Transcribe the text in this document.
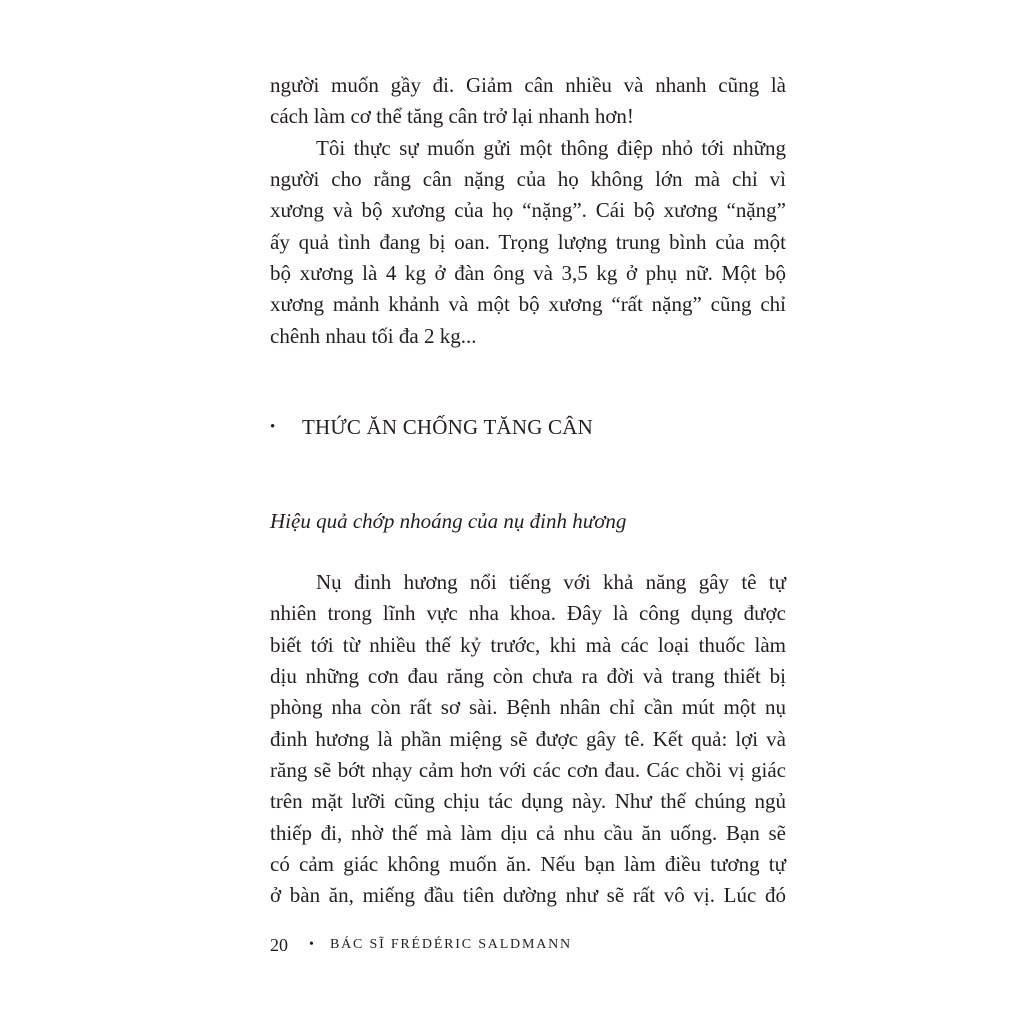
người muốn gầy đi. Giảm cân nhiều và nhanh cũng là
cách làm cơ thể tăng cân trở lại nhanh hơn!
Tôi thực sự muốn gửi một thông điệp nhỏ tới những
người cho rằng cân nặng của họ không lớn mà chỉ vì
xương và bộ xương của họ “nặng”. Cái bộ xương “nặng”
ấy quả tình đang bị oan. Trọng lượng trung bình của một
bộ xương là 4 kg ở đàn ông và 3,5 kg ở phụ nữ. Một bộ
xương mảnh khảnh và một bộ xương “rất nặng” cũng chỉ
chênh nhau tối đa 2 kg...
• THỨC ĂN CHỐNG TĂNG CÂN
Hiệu quả chớp nhoáng của nụ đinh hương
Nụ đinh hương nổi tiếng với khả năng gây tê tự
nhiên trong lĩnh vực nha khoa. Đây là công dụng được
biết tới từ nhiều thế kỷ trước, khi mà các loại thuốc làm
dịu những cơn đau răng còn chưa ra đời và trang thiết bị
phòng nha còn rất sơ sài. Bệnh nhân chỉ cần mút một nụ
đinh hương là phần miệng sẽ được gây tê. Kết quả: lợi và
răng sẽ bớt nhạy cảm hơn với các cơn đau. Các chồi vị giác
trên mặt lưỡi cũng chịu tác dụng này. Như thế chúng ngủ
thiếp đi, nhờ thế mà làm dịu cả nhu cầu ăn uống. Bạn sẽ
có cảm giác không muốn ăn. Nếu bạn làm điều tương tự
ở bàn ăn, miếng đầu tiên dường như sẽ rất vô vị. Lúc đó
20 • BÁC SĨ FRÉDÉRIC SALDMANN
